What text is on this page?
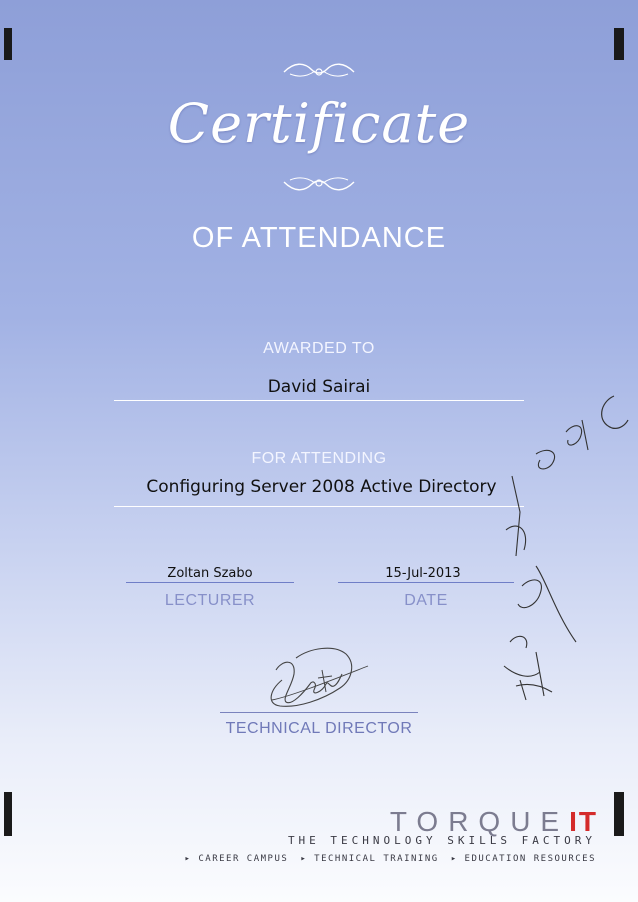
Certificate
OF ATTENDANCE
AWARDED TO
David Sairai
FOR ATTENDING
Configuring Server 2008 Active Directory
Zoltan Szabo
LECTURER
15-Jul-2013
DATE
TECHNICAL DIRECTOR
TORQUEIT
THE TECHNOLOGY SKILLS FACTORY
▸ CAREER CAMPUS ▸ TECHNICAL TRAINING ▸ EDUCATION RESOURCES
